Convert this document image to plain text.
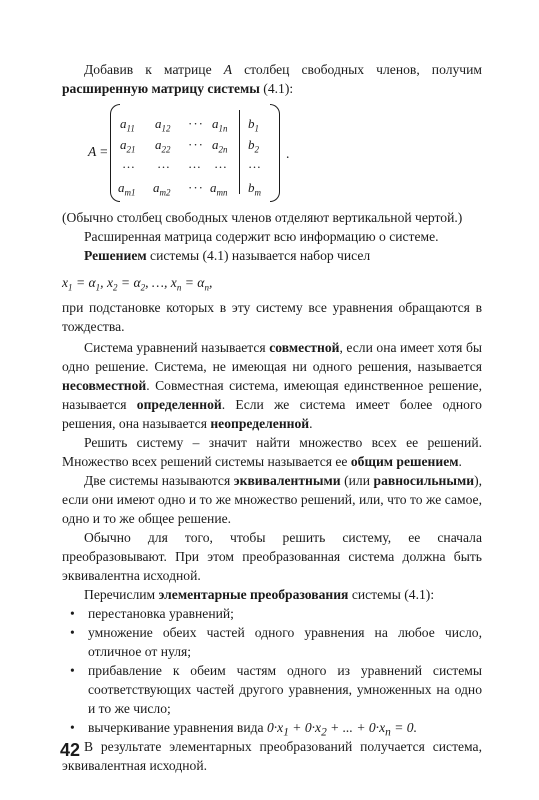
Добавив к матрице A столбец свободных членов, получим расширенную матрицу системы (4.1):

A =	.
$a_{11}$ $a_{12}$ ··· $a_{1n}$ $b_1$
$a_{21}$ $a_{22}$ ··· $a_{2n}$ $b_2$
… … … … …
$a_{m1}$ $a_{m2}$ ··· $a_{mn}$ $b_m$

(Обычно столбец свободных членов отделяют вертикальной чертой.)

Расширенная матрица содержит всю информацию о системе.

Решением системы (4.1) называется набор чисел

$x_1 = \alpha_1$, $x_2 = \alpha_2$, …, $x_n = \alpha_n$,

при подстановке которых в эту систему все уравнения обращаются в тождества.

Система уравнений называется совместной, если она имеет хотя бы одно решение. Система, не имеющая ни одного решения, называется несовместной. Совместная система, имеющая единственное решение, называется определенной. Если же система имеет более одного решения, она называется неопределенной.

Решить систему – значит найти множество всех ее решений. Множество всех решений системы называется ее общим решением.

Две системы называются эквивалентными (или равносильными), если они имеют одно и то же множество решений, или, что то же самое, одно и то же общее решение.

Обычно для того, чтобы решить систему, ее сначала преобразовывают. При этом преобразованная система должна быть эквивалентна исходной.

Перечислим элементарные преобразования системы (4.1):

• перестановка уравнений;
• умножение обеих частей одного уравнения на любое число, отличное от нуля;
• прибавление к обеим частям одного из уравнений системы соответствующих частей другого уравнения, умноженных на одно и то же число;
• вычеркивание уравнения вида $0\cdot x_1 + 0\cdot x_2$ + ... + $0\cdot x_n = 0$.

В результате элементарных преобразований получается система, эквивалентная исходной.

42
